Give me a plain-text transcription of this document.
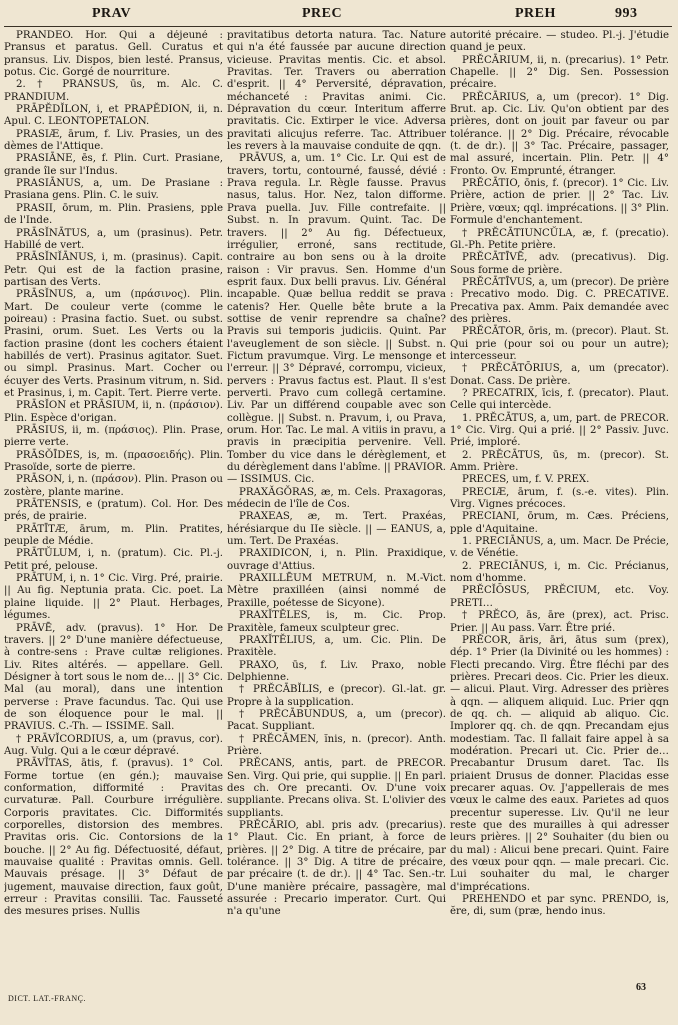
PRAV	PREC	PREH	993

PRANDEO. Hor. Qui a déjeuné : Pransus et paratus. Gell. Curatus et pransus. Liv. Dispos, bien lesté. Pransus, potus. Cic. Gorgé de nourriture.

2. † PRANSUS, ūs, m. Alc. C. PRANDIUM.

PRĀPĔDĬLON, i, et PRAPĔDION, ii, n. Apul. C. LEONTOPETALON.

PRASIÆ, ārum, f. Liv. Prasies, un des dèmes de l'Attique.

PRASIĀNE, ēs, f. Plin. Curt. Prasiane, grande île sur l'Indus.

PRASIĀNUS, a, um. De Prasiane : Prasiana gens. Plin. C. le suiv.

PRASII, ōrum, m. Plin. Prasiens, pple de l'Inde.

PRĀSĬNĀTUS, a, um (prasinus). Petr. Habillé de vert.

PRĀSĬNĬĀNUS, i, m. (prasinus). Capit. Petr. Qui est de la faction prasine, partisan des Verts.

PRĀSĬNUS, a, um (πράσινος). Plin. Mart. De couleur verte (comme le poireau) : Prasina factio. Suet. ou subst. Prasini, orum. Suet. Les Verts ou la faction prasine (dont les cochers étaient habillés de vert). Prasinus agitator. Suet. ou simpl. Prasinus. Mart. Cocher ou écuyer des Verts. Prasinum vitrum, n. Sid. et Prasinus, i, m. Capit. Tert. Pierre verte.

PRĀSĬON et PRĀSIUM, ii, n. (πράσιον). Plin. Espèce d'origan.

PRĀSIUS, ii, m. (πράσιος). Plin. Prase, pierre verte.

PRĀSŎĪDES, is, m. (πρασοειδής). Plin. Prasoïde, sorte de pierre.

PRĀSON, i, n. (πράσον). Plin. Prason ou zostère, plante marine.

PRĀTENSIS, e (pratum). Col. Hor. Des prés, de prairie.

PRĀTĪTÆ, ārum, m. Plin. Pratites, peuple de Médie.

PRĀTŬLUM, i, n. (pratum). Cic. Pl.-j. Petit pré, pelouse.

PRĀTUM, i, n. 1° Cic. Virg. Pré, prairie. || Au fig. Neptunia prata. Cic. poet. La plaine liquide. || 2° Plaut. Herbages, légumes.

PRĀVĒ, adv. (pravus). 1° Hor. De travers. || 2° D'une manière défectueuse, à contre-sens : Prave cultæ religiones. Liv. Rites altérés. — appellare. Gell. Désigner à tort sous le nom de… || 3° Cic. Mal (au moral), dans une intention perverse : Prave facundus. Tac. Qui use de son éloquence pour le mal. || PRAVIUS. C.-Th. — ISSIME. Sall.

† PRĀVĬCORDIUS, a, um (pravus, cor). Aug. Vulg. Qui a le cœur dépravé.

PRĀVĬTAS, ātis, f. (pravus). 1° Col. Forme tortue (en gén.); mauvaise conformation, difformité : Pravitas curvaturæ. Pall. Courbure irrégulière. Corporis pravitates. Cic. Difformités corporelles, distorsion des membres. Pravitas oris. Cic. Contorsions de la bouche. || 2° Au fig. Défectuosité, défaut, mauvaise qualité : Pravitas omnis. Gell. Mauvais présage. || 3° Défaut de jugement, mauvaise direction, faux goût, erreur : Pravitas consilii. Tac. Fausseté des mesures prises. Nullis

pravitatibus detorta natura. Tac. Nature qui n'a été faussée par aucune direction vicieuse. Pravitas mentis. Cic. et absol. Pravitas. Ter. Travers ou aberration d'esprit. || 4° Perversité, dépravation, méchanceté : Pravitas animi. Cic. Dépravation du cœur. Interitum afferre pravitatis. Cic. Extirper le vice. Adversa pravitati alicujus referre. Tac. Attribuer les revers à la mauvaise conduite de qqn.

PRĀVUS, a, um. 1° Cic. Lr. Qui est de travers, tortu, contourné, faussé, dévié : Prava regula. Lr. Règle fausse. Pravus nasus, talus. Hor. Nez, talon difforme. Prava puella. Juv. Fille contrefaite. || Subst. n. In pravum. Quint. Tac. De travers. || 2° Au fig. Défectueux, irrégulier, erroné, sans rectitude, contraire au bon sens ou à la droite raison : Vir pravus. Sen. Homme d'un esprit faux. Dux belli pravus. Liv. Général incapable. Quæ bellua reddit se prava catenis? Her. Quelle bête brute a la sottise de venir reprendre sa chaîne? Pravis sui temporis judiciis. Quint. Par l'aveuglement de son siècle. || Subst. n. Fictum pravumque. Virg. Le mensonge et l'erreur. || 3° Dépravé, corrompu, vicieux, pervers : Pravus factus est. Plaut. Il s'est perverti. Pravo cum collegā certamine. Liv. Par un différend coupable avec son collègue. || Subst. n. Pravum, i, ou Prava, orum. Hor. Tac. Le mal. A vitiis in pravu, a pravis in præcipitia pervenire. Vell. Tomber du vice dans le dérèglement, et du dérèglement dans l'abîme. || PRAVIOR. — ISSIMUS. Cic.

PRAXĂGŎRAS, æ, m. Cels. Praxagoras, médecin de l'île de Cos.

PRAXEAS, æ, m. Tert. Praxéas, hérésiarque du IIe siècle. || — EANUS, a, um. Tert. De Praxéas.

PRAXIDICON, i, n. Plin. Praxidique, ouvrage d'Attius.

PRAXILLĒUM METRUM, n. M.-Vict. Mètre praxilléen (ainsi nommé de Praxille, poétesse de Sicyone).

PRAXĬTĔLES, is, m. Cic. Prop. Praxitèle, fameux sculpteur grec.

PRAXĬTĔLIUS, a, um. Cic. Plin. De Praxitèle.

PRAXO, ūs, f. Liv. Praxo, noble Delphienne.

† PRĔCĀBĬLIS, e (precor). Gl.-lat. gr. Propre à la supplication.

† PRĔCĀBUNDUS, a, um (precor). Pacat. Suppliant.

† PRĔCĀMEN, ĭnis, n. (precor). Anth. Prière.

PRĔCANS, antis, part. de PRECOR. Sen. Virg. Qui prie, qui supplie. || En parl. des ch. Ore precanti. Ov. D'une voix suppliante. Precans oliva. St. L'olivier des suppliants.

PRĔCĀRIO, abl. pris adv. (precarius). 1° Plaut. Cic. En priant, à force de prières. || 2° Dig. A titre de précaire, par tolérance. || 3° Dig. A titre de précaire, par précaire (t. de dr.). || 4° Tac. Sen.-tr. D'une manière précaire, passagère, mal assurée : Precario imperator. Curt. Qui n'a qu'une

autorité précaire. — studeo. Pl.-j. J'étudie quand je peux.

PRĔCĀRIUM, ii, n. (precarius). 1° Petr. Chapelle. || 2° Dig. Sen. Possession précaire.

PRĔCĀRIUS, a, um (precor). 1° Dig. Brut. ap. Cic. Liv. Qu'on obtient par des prières, dont on jouit par faveur ou par tolérance. || 2° Dig. Précaire, révocable (t. de dr.). || 3° Tac. Précaire, passager, mal assuré, incertain. Plin. Petr. || 4° Fronto. Ov. Emprunté, étranger.

PRĔCĀTIO, ōnis, f. (precor). 1° Cic. Liv. Prière, action de prier. || 2° Tac. Liv. Prière, vœux; qql. imprécations. || 3° Plin. Formule d'enchantement.

† PRĔCĀTIUNCŬLA, æ, f. (precatio). Gl.-Ph. Petite prière.

PRĔCĀTĪVĒ, adv. (precativus). Dig. Sous forme de prière.

PRĔCĀTĪVUS, a, um (precor). De prière : Precativo modo. Dig. C. PRECATIVE. Precativa pax. Amm. Paix demandée avec des prières.

PRĔCĀTOR, ōris, m. (precor). Plaut. St. Qui prie (pour soi ou pour un autre); intercesseur.

† PRĔCĀTŌRIUS, a, um (precator). Donat. Cass. De prière.

? PRECATRIX, īcis, f. (precator). Plaut. Celle qui intercède.

1. PRĔCĀTUS, a, um, part. de PRECOR. 1° Cic. Virg. Qui a prié. || 2° Passiv. Juvc. Prié, imploré.

2. PRĔCĀTUS, ūs, m. (precor). St. Amm. Prière.

PRECES, um, f. V. PREX.

PRECIÆ, ārum, f. (s.-e. vites). Plin. Virg. Vignes précoces.

PRECIANI, ōrum, m. Cæs. Préciens, pple d'Aquitaine.

1. PRECIĀNUS, a, um. Macr. De Précie, v. de Vénétie.

2. PRECIĀNUS, i, m. Cic. Précianus, nom d'homme.

PRĔCĬŌSUS, PRĔCIUM, etc. Voy. PRETI…

† PRĔCO, ās, āre (prex), act. Prisc. Prier. || Au pass. Varr. Être prié.

PRĔCOR, āris, āri, ātus sum (prex), dép. 1° Prier (la Divinité ou les hommes) : Flecti precando. Virg. Être fléchi par des prières. Precari deos. Cic. Prier les dieux. — alicui. Plaut. Virg. Adresser des prières à qqn. — aliquem aliquid. Luc. Prier qqn de qq. ch. — aliquid ab aliquo. Cic. Implorer qq. ch. de qqn. Precandam ejus modestiam. Tac. Il fallait faire appel à sa modération. Precari ut. Cic. Prier de… Precabantur Drusum daret. Tac. Ils priaient Drusus de donner. Placidas esse precarer aquas. Ov. J'appellerais de mes vœux le calme des eaux. Parietes ad quos precentur superesse. Liv. Qu'il ne leur reste que des murailles à qui adresser leurs prières. || 2° Souhaiter (du bien ou du mal) : Alicui bene precari. Quint. Faire des vœux pour qqn. — male precari. Cic. Lui souhaiter du mal, le charger d'imprécations.

PREHENDO et par sync. PRENDO, is, ĕre, di, sum (præ, hendo inus.

DICT. LAT.-FRANÇ.
63
